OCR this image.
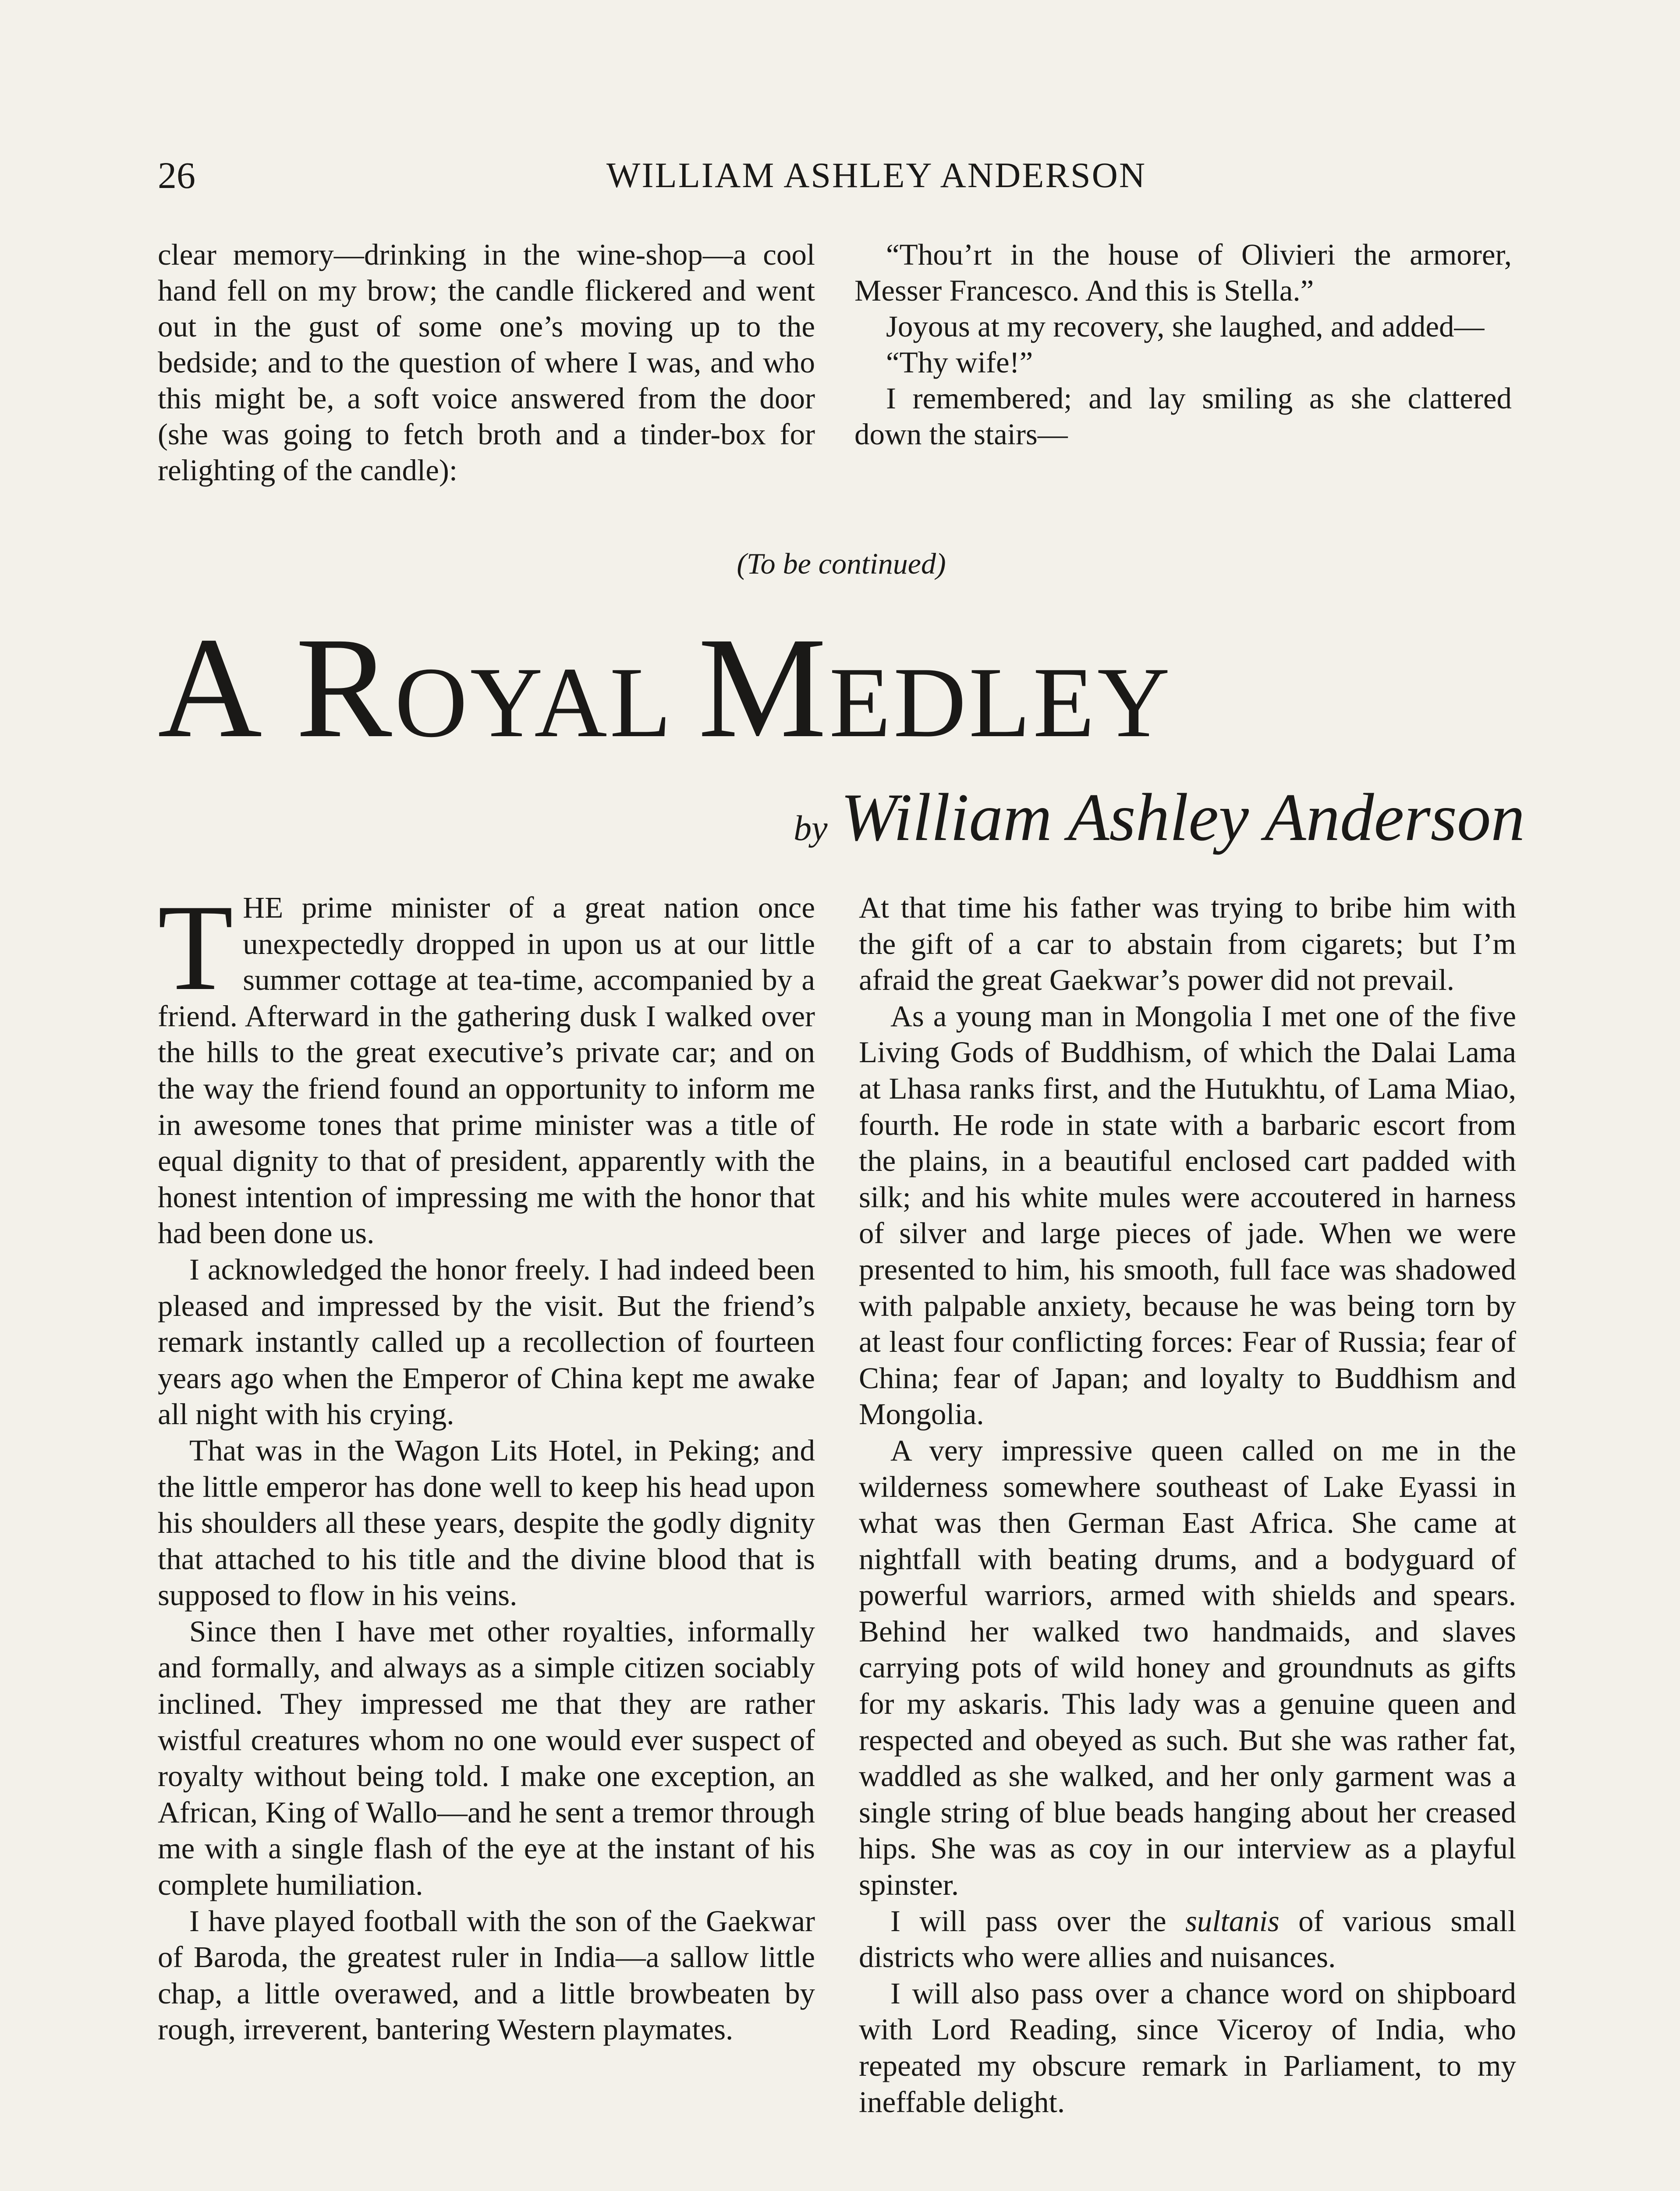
26	WILLIAM ASHLEY ANDERSON

clear memory—drinking in the wine-shop—a cool hand fell on my brow; the candle flickered and went out in the gust of some one’s moving up to the bedside; and to the question of where I was, and who this might be, a soft voice answered from the door (she was going to fetch broth and a tinder-box for relighting of the candle):

“Thou’rt in the house of Olivieri the armorer, Messer Francesco. And this is Stella.”

Joyous at my recovery, she laughed, and added—

“Thy wife!”

I remembered; and lay smiling as she clattered down the stairs—

(To be continued)
A ROYAL MEDLEY
by William Ashley Anderson

THE prime minister of a great nation once unexpectedly dropped in upon us at our little summer cottage at tea-time, accompanied by a friend. Afterward in the gathering dusk I walked over the hills to the great executive’s private car; and on the way the friend found an opportunity to inform me in awesome tones that prime minister was a title of equal dignity to that of president, apparently with the honest intention of impressing me with the honor that had been done us.

I acknowledged the honor freely. I had indeed been pleased and impressed by the visit. But the friend’s remark instantly called up a recollection of fourteen years ago when the Emperor of China kept me awake all night with his crying.

That was in the Wagon Lits Hotel, in Peking; and the little emperor has done well to keep his head upon his shoulders all these years, despite the godly dignity that attached to his title and the divine blood that is supposed to flow in his veins.

Since then I have met other royalties, informally and formally, and always as a simple citizen sociably inclined. They impressed me that they are rather wistful creatures whom no one would ever suspect of royalty without being told. I make one exception, an African, King of Wallo—and he sent a tremor through me with a single flash of the eye at the instant of his complete humiliation.

I have played football with the son of the Gaekwar of Baroda, the greatest ruler in India—a sallow little chap, a little overawed, and a little browbeaten by rough, irreverent, bantering Western playmates.

At that time his father was trying to bribe him with the gift of a car to abstain from cigarets; but I’m afraid the great Gaekwar’s power did not prevail.

As a young man in Mongolia I met one of the five Living Gods of Buddhism, of which the Dalai Lama at Lhasa ranks first, and the Hutukhtu, of Lama Miao, fourth. He rode in state with a barbaric escort from the plains, in a beautiful enclosed cart padded with silk; and his white mules were accoutered in harness of silver and large pieces of jade. When we were presented to him, his smooth, full face was shadowed with palpable anxiety, because he was being torn by at least four conflicting forces: Fear of Russia; fear of China; fear of Japan; and loyalty to Buddhism and Mongolia.

A very impressive queen called on me in the wilderness somewhere southeast of Lake Eyassi in what was then German East Africa. She came at nightfall with beating drums, and a bodyguard of powerful warriors, armed with shields and spears. Behind her walked two handmaids, and slaves carrying pots of wild honey and groundnuts as gifts for my askaris. This lady was a genuine queen and respected and obeyed as such. But she was rather fat, waddled as she walked, and her only garment was a single string of blue beads hanging about her creased hips. She was as coy in our interview as a playful spinster.

I will pass over the sultanis of various small districts who were allies and nuisances.

I will also pass over a chance word on shipboard with Lord Reading, since Viceroy of India, who repeated my obscure remark in Parliament, to my ineffable delight.
